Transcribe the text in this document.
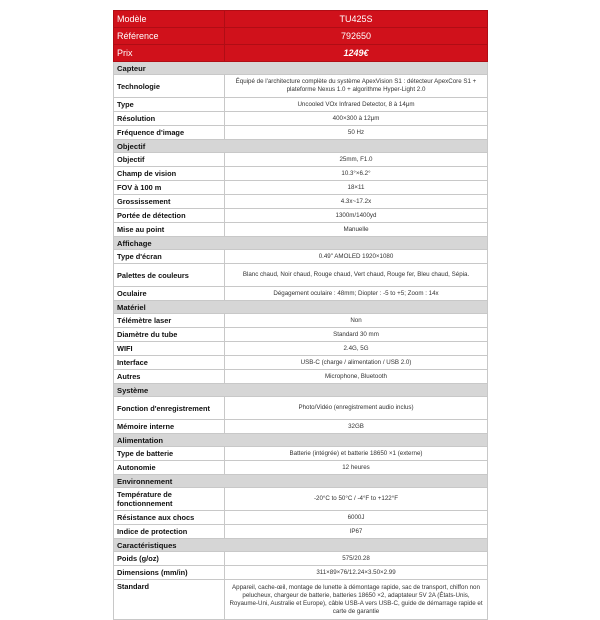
Modèle	TU425S
Référence	792650
Prix	1249€
Capteur	
Technologie	Équipé de l'architecture complète du système ApexVision S1 : détecteur ApexCore S1 + plateforme Nexus 1.0 + algorithme Hyper-Light 2.0
Type	Uncooled VOx Infrared Detector, 8 à 14μm
Résolution	400×300 à 12μm
Fréquence d'image	50 Hz
Objectif	
Objectif	25mm, F1.0
Champ de vision	10.3°×6.2°
FOV à 100 m	18×11
Grossissement	4.3x~17.2x
Portée de détection	1300m/1400yd
Mise au point	Manuelle
Affichage	
Type d'écran	0.49" AMOLED 1920×1080
Palettes de couleurs	Blanc chaud, Noir chaud, Rouge chaud, Vert chaud, Rouge fer, Bleu chaud, Sépia.
Oculaire	Dégagement oculaire : 48mm; Diopter : -5 to +5; Zoom : 14x
Matériel	
Télémètre laser	Non
Diamètre du tube	Standard 30 mm
WIFI	2.4G, 5G
Interface	USB-C (charge / alimentation / USB 2.0)
Autres	Microphone, Bluetooth
Système	
Fonction d'enregistrement	Photo/Vidéo (enregistrement audio inclus)
Mémoire interne	32GB
Alimentation	
Type de batterie	Batterie (intégrée) et batterie 18650 ×1 (externe)
Autonomie	12 heures
Environnement	
Température de fonctionnement	-20°C to 50°C / -4°F to +122°F
Résistance aux chocs	6000J
Indice de protection	IP67
Caractéristiques	
Poids (g/oz)	575/20.28
Dimensions (mm/in)	311×89×76/12.24×3.50×2.99
Standard	Appareil, cache-œil, montage de lunette à démontage rapide, sac de transport, chiffon non pelucheux, chargeur de batterie, batteries 18650 ×2, adaptateur 5V 2A (États-Unis, Royaume-Uni, Australie et Europe), câble USB-A vers USB-C, guide de démarrage rapide et carte de garantie
